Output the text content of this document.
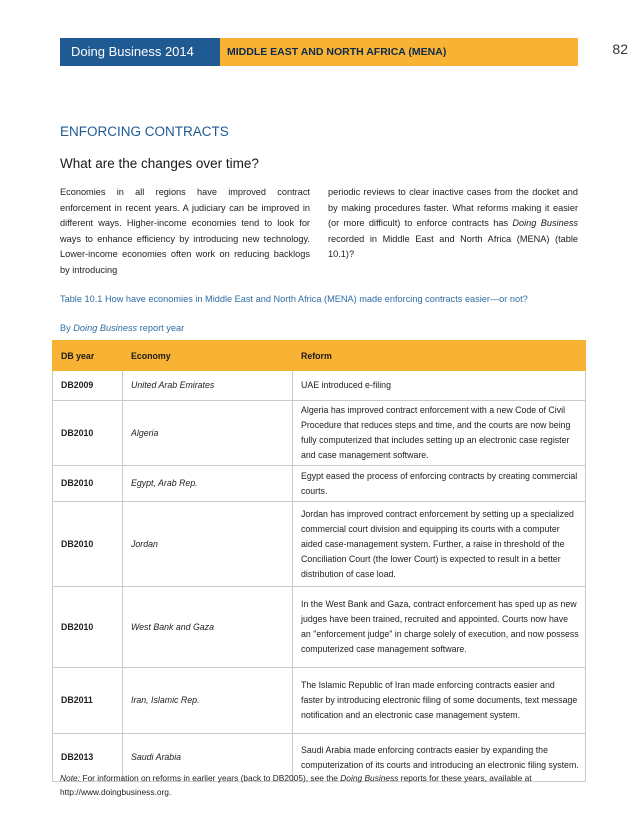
Doing Business 2014	MIDDLE EAST AND NORTH AFRICA (MENA)	82
ENFORCING CONTRACTS
What are the changes over time?
Economies in all regions have improved contract enforcement in recent years. A judiciary can be improved in different ways. Higher-income economies tend to look for ways to enhance efficiency by introducing new technology. Lower-income economies often work on reducing backlogs by introducing
periodic reviews to clear inactive cases from the docket and by making procedures faster. What reforms making it easier (or more difficult) to enforce contracts has Doing Business recorded in Middle East and North Africa (MENA) (table 10.1)?
Table 10.1 How have economies in Middle East and North Africa (MENA) made enforcing contracts easier—or not?
By Doing Business report year
DB year	Economy	Reform
DB2009	United Arab Emirates	UAE introduced e-filing
DB2010	Algeria	Algeria has improved contract enforcement with a new Code of Civil Procedure that reduces steps and time, and the courts are now being fully computerized that includes setting up an electronic case register and case management software.
DB2010	Egypt, Arab Rep.	Egypt eased the process of enforcing contracts by creating commercial courts.
DB2010	Jordan	Jordan has improved contract enforcement by setting up a specialized commercial court division and equipping its courts with a computer aided case-management system. Further, a raise in threshold of the Conciliation Court (the lower Court) is expected to result in a better distribution of case load.
DB2010	West Bank and Gaza	In the West Bank and Gaza, contract enforcement has sped up as new judges have been trained, recruited and appointed. Courts now have an "enforcement judge" in charge solely of execution, and now possess computerized case management software.
DB2011	Iran, Islamic Rep.	The Islamic Republic of Iran made enforcing contracts easier and faster by introducing electronic filing of some documents, text message notification and an electronic case management system.
DB2013	Saudi Arabia	Saudi Arabia made enforcing contracts easier by expanding the computerization of its courts and introducing an electronic filing system.
Note: For information on reforms in earlier years (back to DB2005), see the Doing Business reports for these years, available at http://www.doingbusiness.org.
